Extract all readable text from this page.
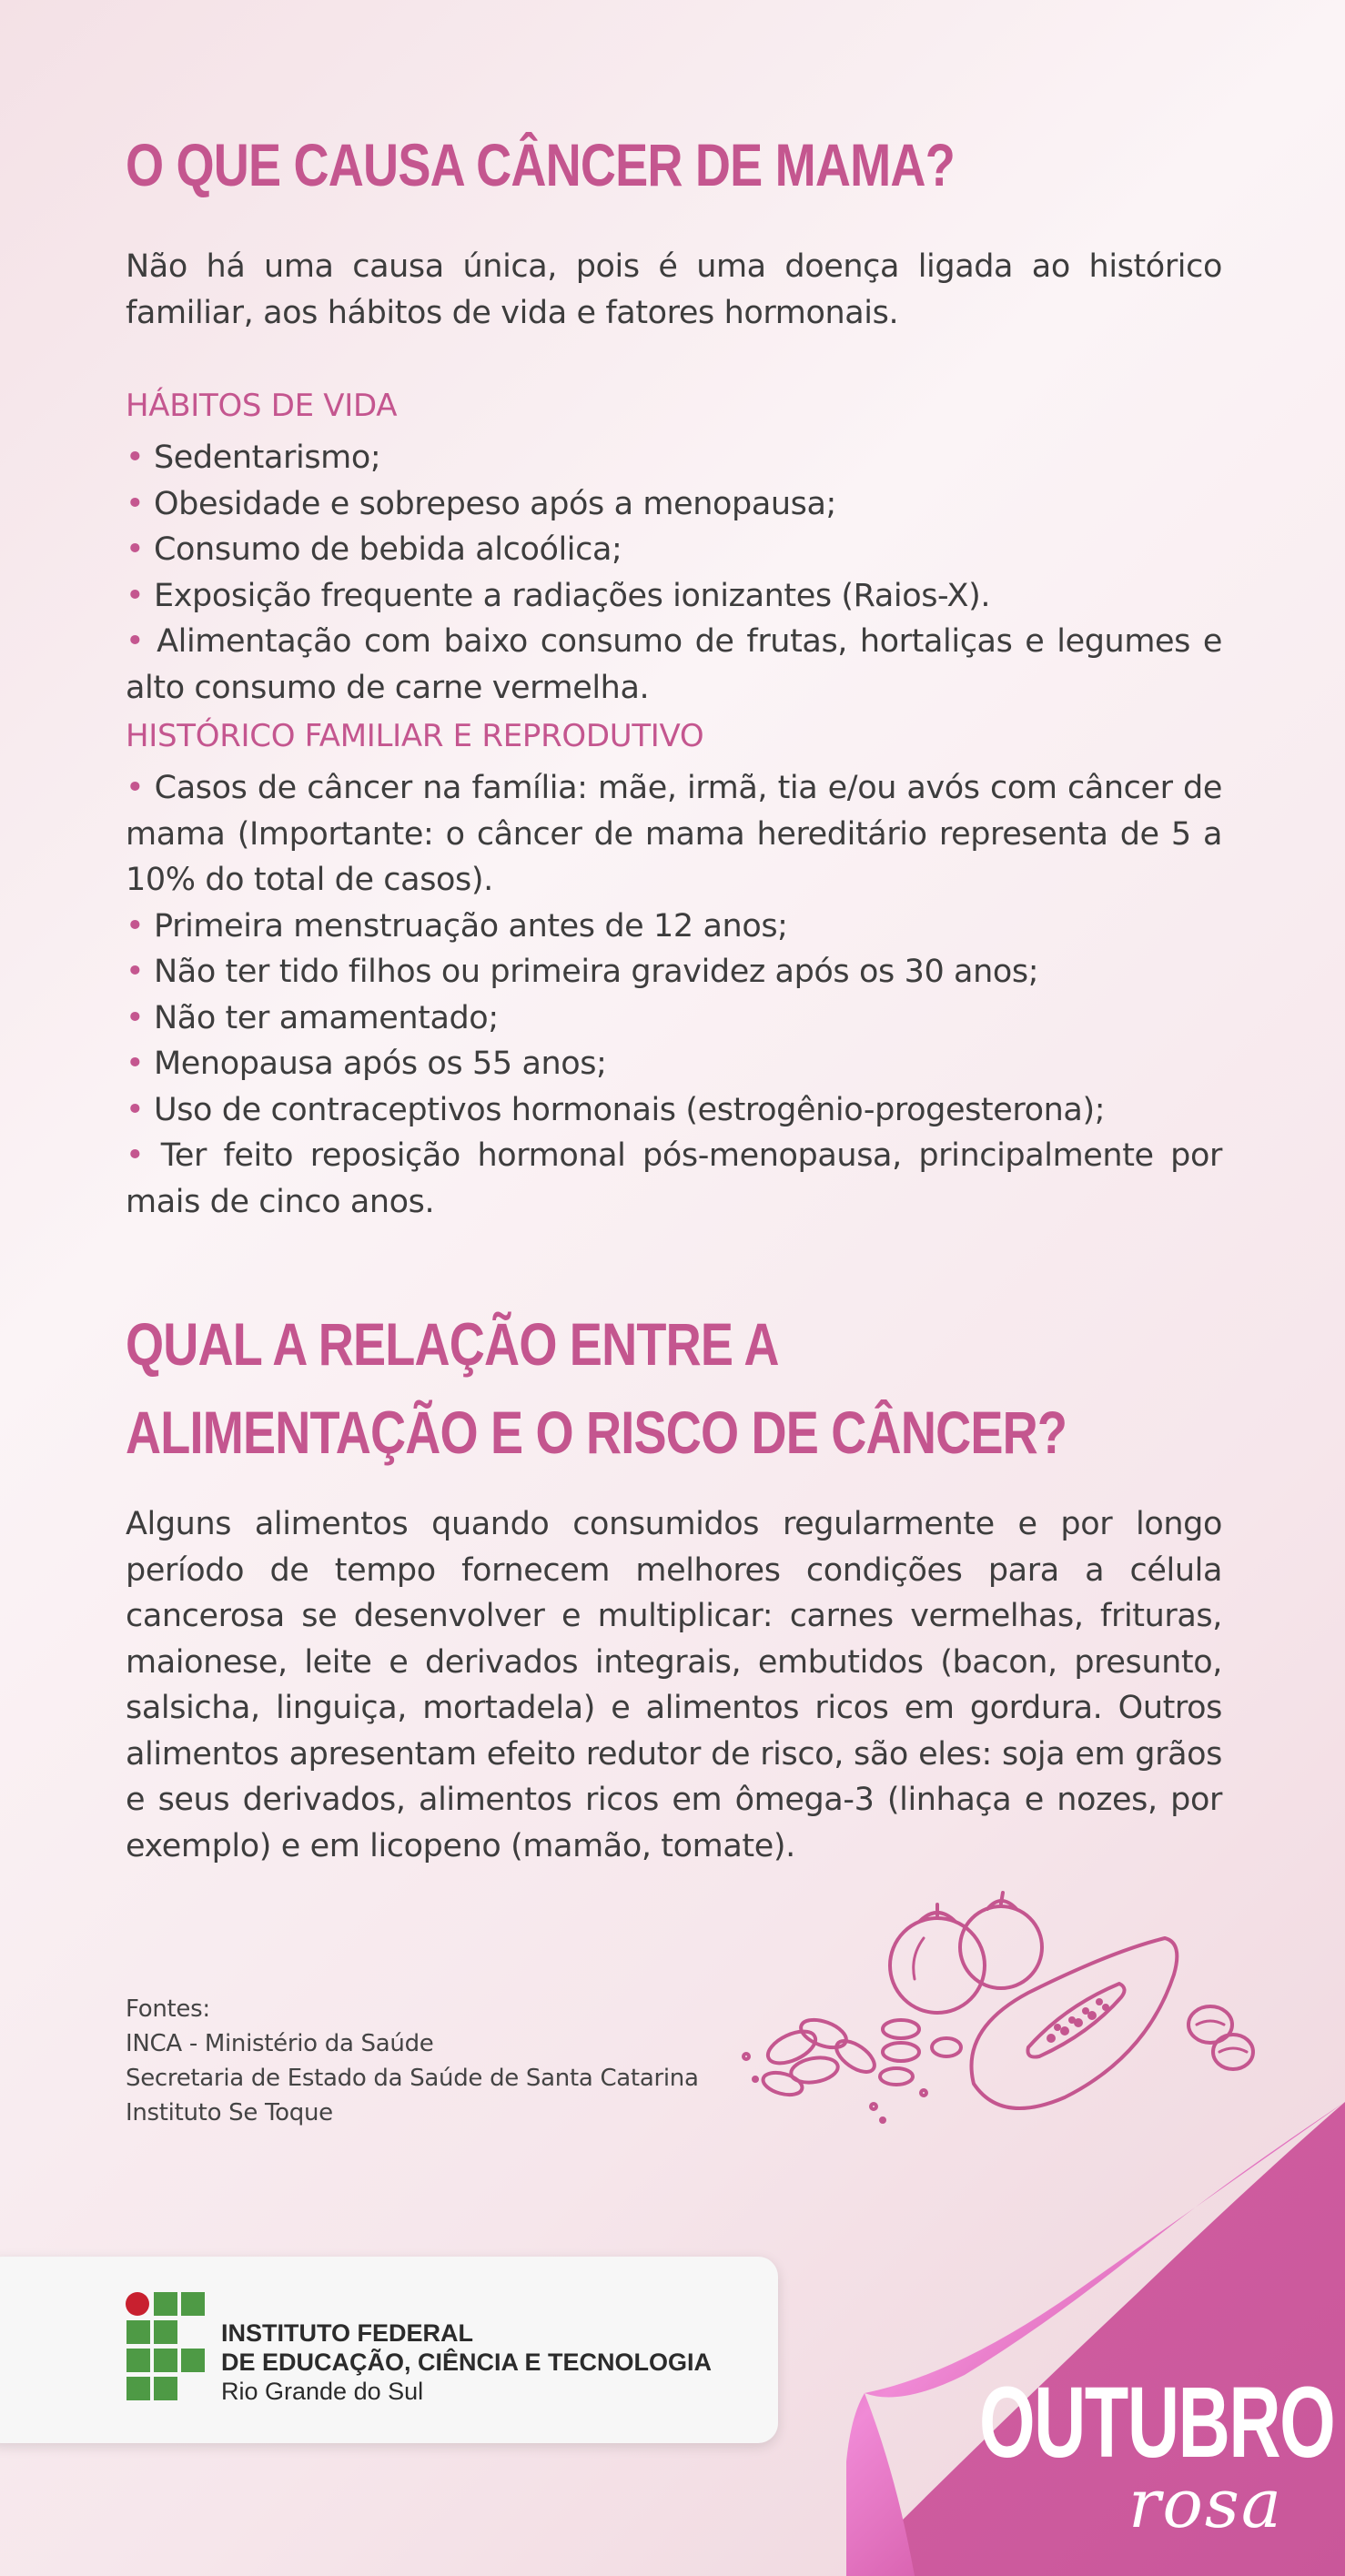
O QUE CAUSA CÂNCER DE MAMA?

Não há uma causa única, pois é uma doença ligada ao histórico familiar, aos hábitos de vida e fatores hormonais.

HÁBITOS DE VIDA
• Sedentarismo;
• Obesidade e sobrepeso após a menopausa;
• Consumo de bebida alcoólica;
• Exposição frequente a radiações ionizantes (Raios-X).
• Alimentação com baixo consumo de frutas, hortaliças e legumes e alto consumo de carne vermelha.
HISTÓRICO FAMILIAR E REPRODUTIVO
• Casos de câncer na família: mãe, irmã, tia e/ou avós com câncer de mama (Importante: o câncer de mama hereditário representa de 5 a 10% do total de casos).
• Primeira menstruação antes de 12 anos;
• Não ter tido filhos ou primeira gravidez após os 30 anos;
• Não ter amamentado;
• Menopausa após os 55 anos;
• Uso de contraceptivos hormonais (estrogênio-progesterona);
• Ter feito reposição hormonal pós-menopausa, principalmente por mais de cinco anos.
QUAL A RELAÇÃO ENTRE A
ALIMENTAÇÃO E O RISCO DE CÂNCER?

Alguns alimentos quando consumidos regularmente e por longo período de tempo fornecem melhores condições para a célula cancerosa se desenvolver e multiplicar: carnes vermelhas, frituras, maionese, leite e derivados integrais, embutidos (bacon, presunto, salsicha, linguiça, mortadela) e alimentos ricos em gordura. Outros alimentos apresentam efeito redutor de risco, são eles: soja em grãos e seus derivados, alimentos ricos em ômega-3 (linhaça e nozes, por exemplo) e em licopeno (mamão, tomate).

Fontes:
INCA - Ministério da Saúde
Secretaria de Estado da Saúde de Santa Catarina
Instituto Se Toque
INSTITUTO FEDERAL
DE EDUCAÇÃO, CIÊNCIA E TECNOLOGIA
Rio Grande do Sul	OUTUBRO
rosa
